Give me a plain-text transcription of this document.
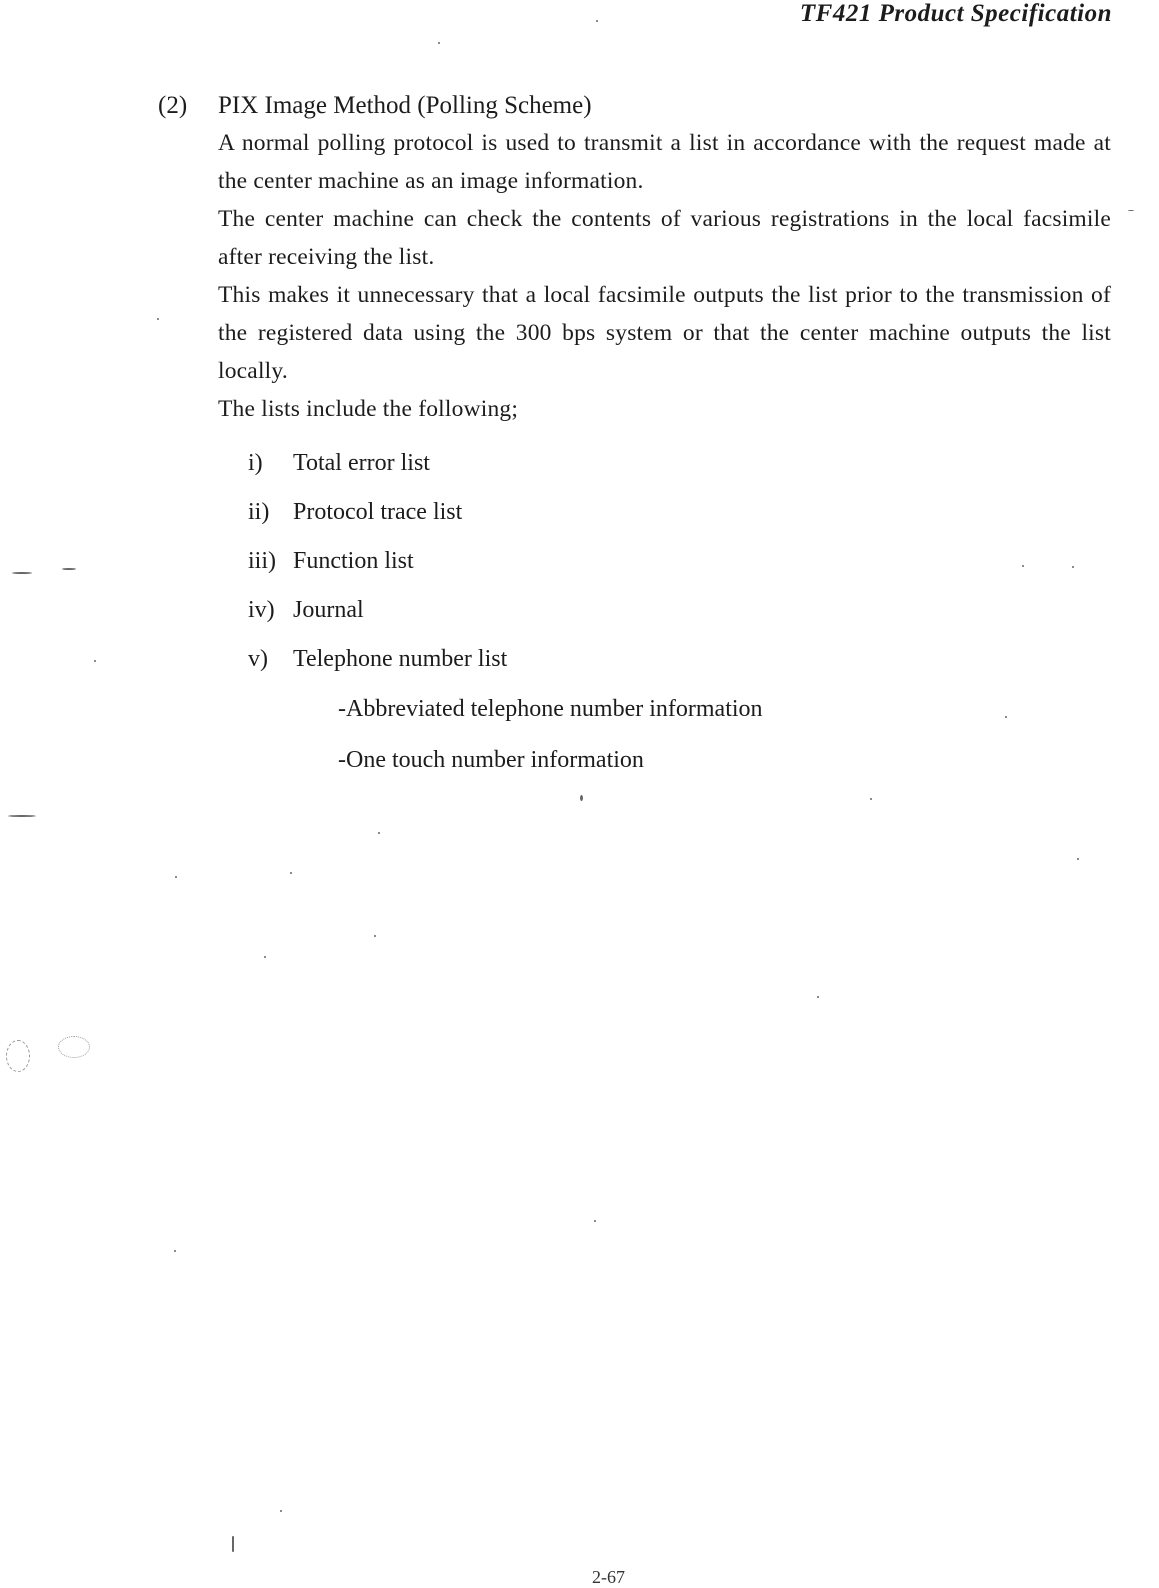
TF421 Product Specification
(2)	PIX Image Method (Polling Scheme)

A normal polling protocol is used to transmit a list in accordance with the request made at the center machine as an image information.

The center machine can check the contents of various registrations in the local facsimile after receiving the list.

This makes it unnecessary that a local facsimile outputs the list prior to the transmission of the registered data using the 300 bps system or that the center machine outputs the list locally.

The lists include the following;

i)	Total error list
ii) Protocol trace list
iii) Function list
iv) Journal
v)	Telephone number list
-Abbreviated telephone number information
-One touch number information
2-67
